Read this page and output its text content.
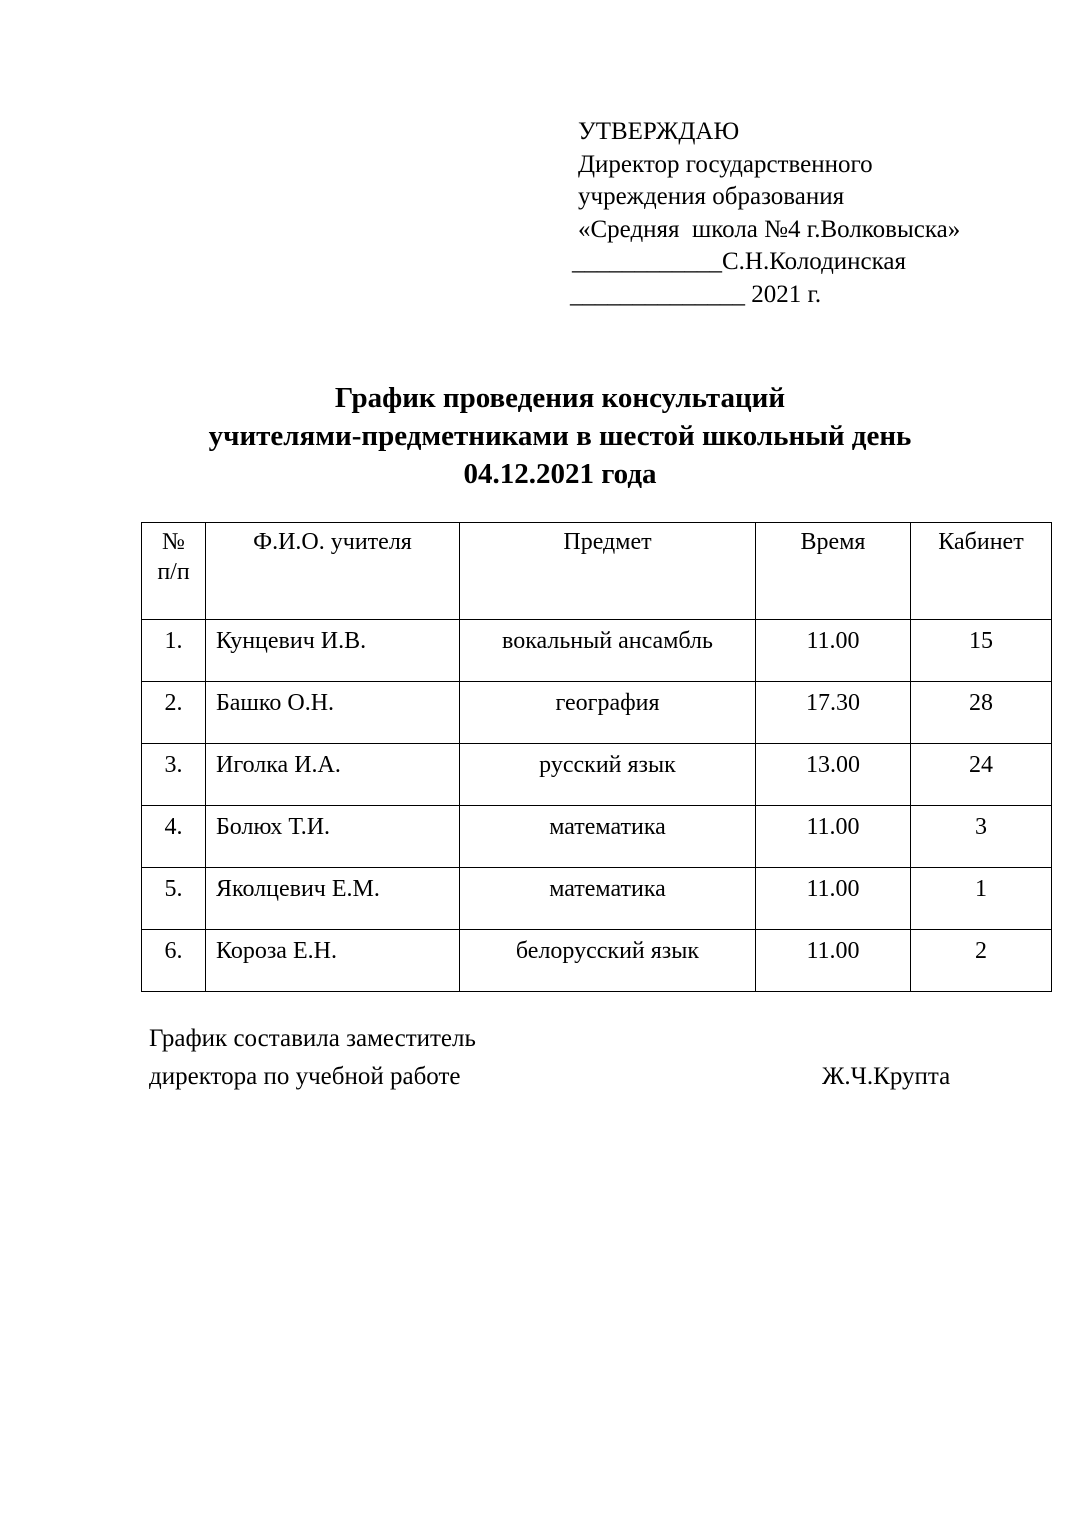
УТВЕРЖДАЮ
Директор государственного
учреждения образования
«Средняя  школа №4 г.Волковыска»
____________С.Н.Колодинская
______________ 2021 г.
График проведения консультаций
учителями-предметниками в шестой школьный день
04.12.2021 года
№
п/п	Ф.И.О. учителя	Предмет	Время	Кабинет
1.	Кунцевич И.В.	вокальный ансамбль	11.00	15
2.	Башко О.Н.	география	17.30	28
3.	Иголка И.А.	русский язык	13.00	24
4.	Болюх Т.И.	математика	11.00	3
5.	Яколцевич Е.М.	математика	11.00	1
6.	Короза Е.Н.	белорусский язык	11.00	2
График составила заместитель
директора по учебной работе	Ж.Ч.Крупта
